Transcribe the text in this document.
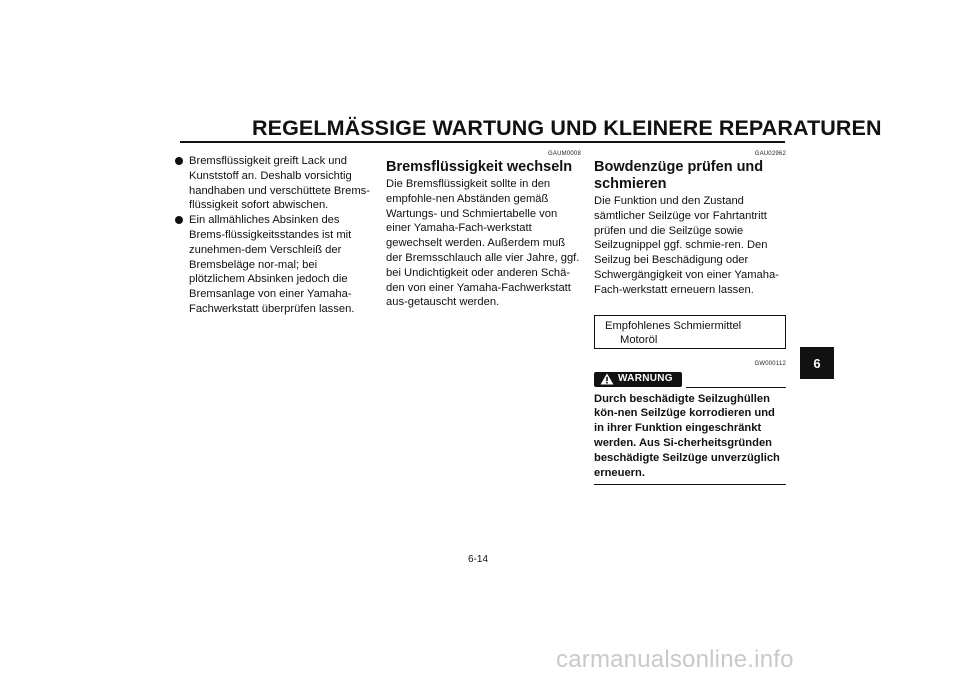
REGELMÄSSIGE WARTUNG UND KLEINERE REPARATUREN
Bremsflüssigkeit greift Lack und Kunststoff an. Deshalb vorsichtig handhaben und verschüttete Brems-flüssigkeit sofort abwischen.
Ein allmähliches Absinken des Brems-flüssigkeitsstandes ist mit zunehmen-dem Verschleiß der Bremsbeläge nor-mal; bei plötzlichem Absinken jedoch die Bremsanlage von einer Yamaha-Fachwerkstatt überprüfen lassen.
GAUM0008
Bremsflüssigkeit wechseln

Die Bremsflüssigkeit sollte in den empfohle-nen Abständen gemäß Wartungs- und Schmiertabelle von einer Yamaha-Fach-werkstatt gewechselt werden. Außerdem muß der Bremsschlauch alle vier Jahre, ggf. bei Undichtigkeit oder anderen Schä-den von einer Yamaha-Fachwerkstatt aus-getauscht werden.

GAU02962
Bowdenzüge prüfen und schmieren

Die Funktion und den Zustand sämtlicher Seilzüge vor Fahrtantritt prüfen und die Seilzüge sowie Seilzugnippel ggf. schmie-ren. Den Seilzug bei Beschädigung oder Schwergängigkeit von einer Yamaha-Fach-werkstatt erneuern lassen.

Empfohlenes Schmiermittel
Motoröl
GW000112
WARNUNG
Durch beschädigte Seilzughüllen kön-nen Seilzüge korrodieren und in ihrer Funktion eingeschränkt werden. Aus Si-cherheitsgründen beschädigte Seilzüge unverzüglich erneuern.
6-14
6
carmanualsonline.info
